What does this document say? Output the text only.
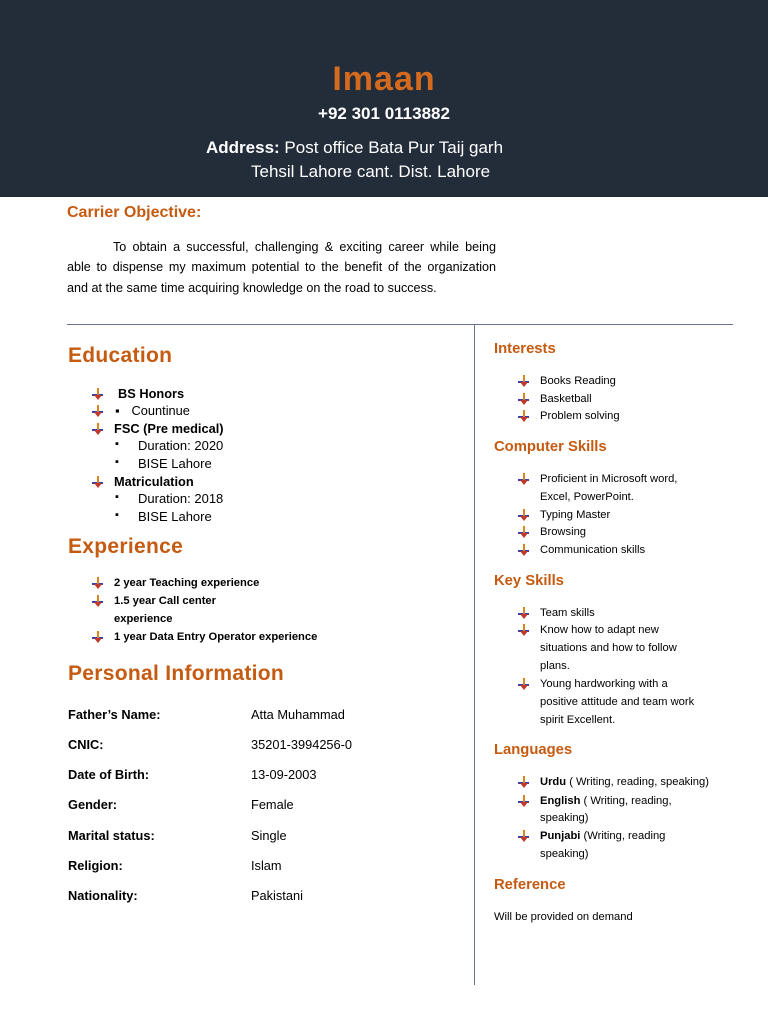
Imaan
+92 301 0113882
Address: Post office Bata Pur Taij garh
Tehsil Lahore cant. Dist. Lahore
Carrier Objective:
To obtain a successful, challenging & exciting career while being able to dispense my maximum potential to the benefit of the organization and at the same time acquiring knowledge on the road to success.
Education
BS Honors
▪ Countinue
FSC (Pre medical)
▪ Duration: 2020
▪ BISE Lahore
Matriculation
▪ Duration: 2018
▪ BISE Lahore
Experience
2 year Teaching experience
1.5 year Call center
experience
1 year Data Entry Operator experience
Personal Information
Father’s Name:	Atta Muhammad
CNIC:	35201-3994256-0
Date of Birth:	13-09-2003
Gender:	Female
Marital status:	Single
Religion:	Islam
Nationality:	Pakistani
Interests
Books Reading
Basketball
Problem solving
Computer Skills
Proficient in Microsoft word,
Excel, PowerPoint.
Typing Master
Browsing
Communication skills
Key Skills
Team skills
Know how to adapt new
situations and how to follow
plans.
Young hardworking with a
positive attitude and team work
spirit Excellent.
Languages
Urdu ( Writing, reading, speaking)
English ( Writing, reading,
speaking)
Punjabi (Writing, reading
speaking)
Reference
Will be provided on demand
